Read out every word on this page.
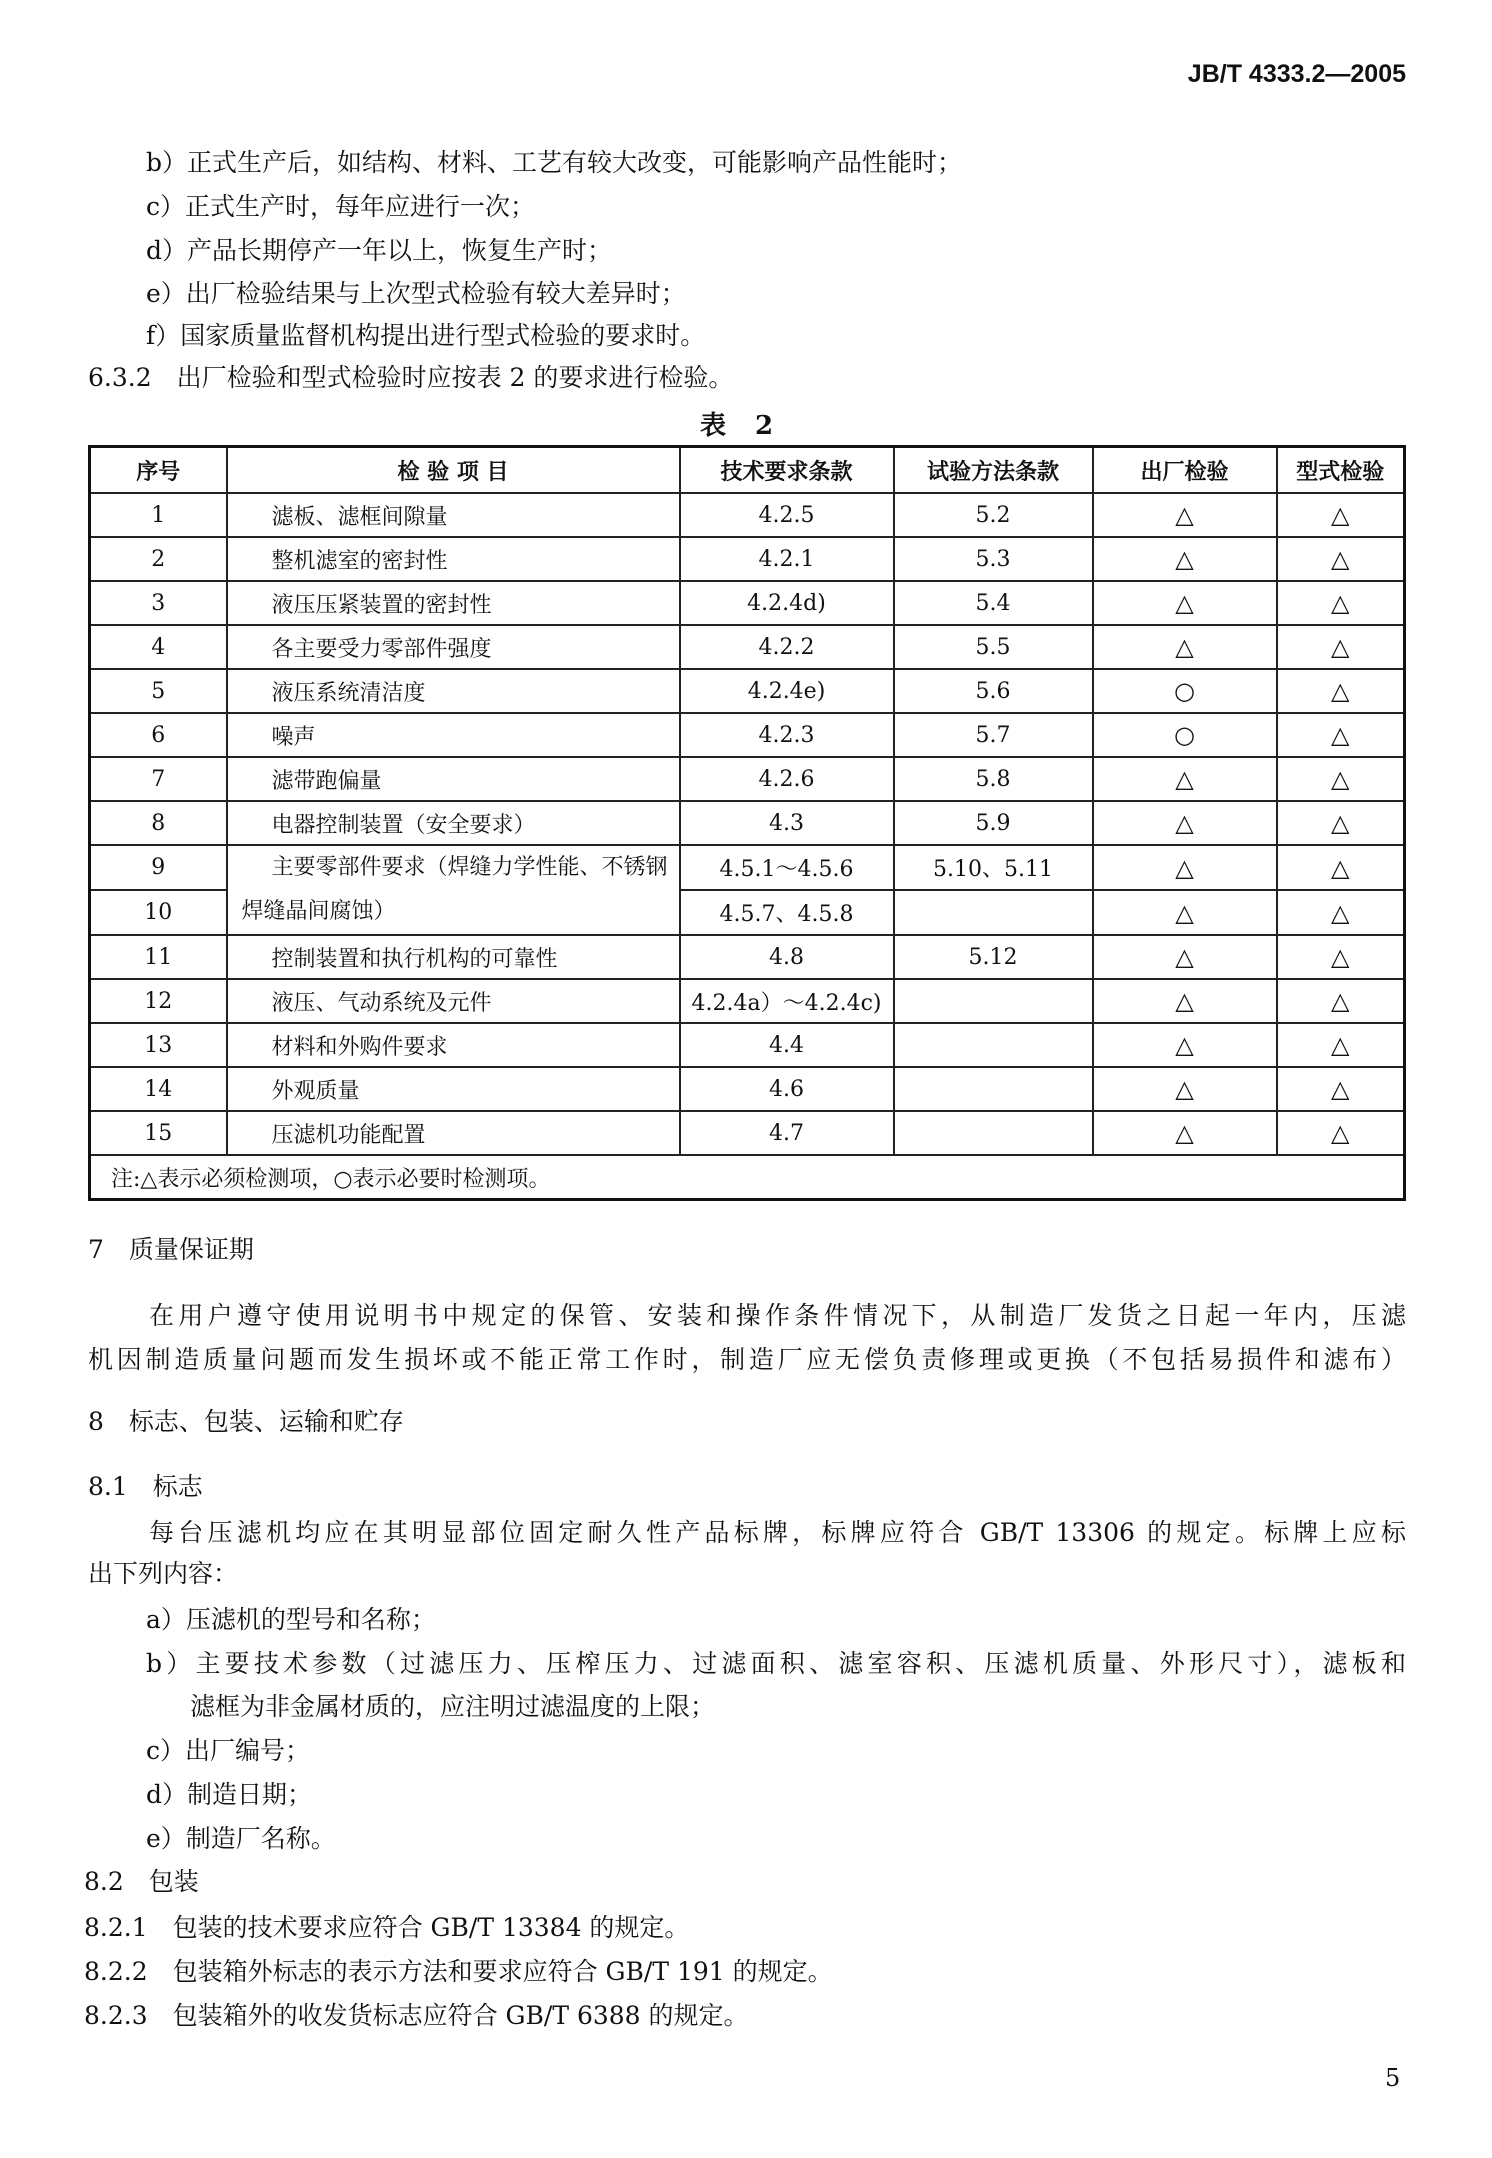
JB/T 4333.2—2005
b）正式生产后，如结构、材料、工艺有较大改变，可能影响产品性能时；
c）正式生产时，每年应进行一次；
d）产品长期停产一年以上，恢复生产时；
e）出厂检验结果与上次型式检验有较大差异时；
f）国家质量监督机构提出进行型式检验的要求时。
6.3.2　出厂检验和型式检验时应按表 2 的要求进行检验。
表 2
序号	检 验 项 目	技术要求条款	试验方法条款	出厂检验	型式检验
1	滤板、滤框间隙量	4.2.5	5.2	△	△
2	整机滤室的密封性	4.2.1	5.3	△	△
3	液压压紧装置的密封性	4.2.4d)	5.4	△	△
4	各主要受力零部件强度	4.2.2	5.5	△	△
5	液压系统清洁度	4.2.4e)	5.6	○	△
6	噪声	4.2.3	5.7	○	△
7	滤带跑偏量	4.2.6	5.8	△	△
8	电器控制装置（安全要求）	4.3	5.9	△	△
9	主要零部件要求（焊缝力学性能、不锈钢焊缝晶间腐蚀）	4.5.1～4.5.6	5.10、5.11	△	△
10		4.5.7、4.5.8		△	△
11	控制装置和执行机构的可靠性	4.8	5.12	△	△
12	液压、气动系统及元件	4.2.4a）～4.2.4c)		△	△
13	材料和外购件要求	4.4		△	△
14	外观质量	4.6		△	△
15	压滤机功能配置	4.7		△	△
注:△表示必须检测项，○表示必要时检测项。					
7　质量保证期
在用户遵守使用说明书中规定的保管、安装和操作条件情况下，从制造厂发货之日起一年内，压滤
机因制造质量问题而发生损坏或不能正常工作时，制造厂应无偿负责修理或更换（不包括易损件和滤布）
8　标志、包装、运输和贮存
8.1　标志
每台压滤机均应在其明显部位固定耐久性产品标牌，标牌应符合 GB/T 13306 的规定。标牌上应标
出下列内容：
a）压滤机的型号和名称；
b）主要技术参数（过滤压力、压榨压力、过滤面积、滤室容积、压滤机质量、外形尺寸），滤板和
滤框为非金属材质的，应注明过滤温度的上限；
c）出厂编号；
d）制造日期；
e）制造厂名称。
8.2　包装
8.2.1　包装的技术要求应符合 GB/T 13384 的规定。
8.2.2　包装箱外标志的表示方法和要求应符合 GB/T 191 的规定。
8.2.3　包装箱外的收发货标志应符合 GB/T 6388 的规定。
5
